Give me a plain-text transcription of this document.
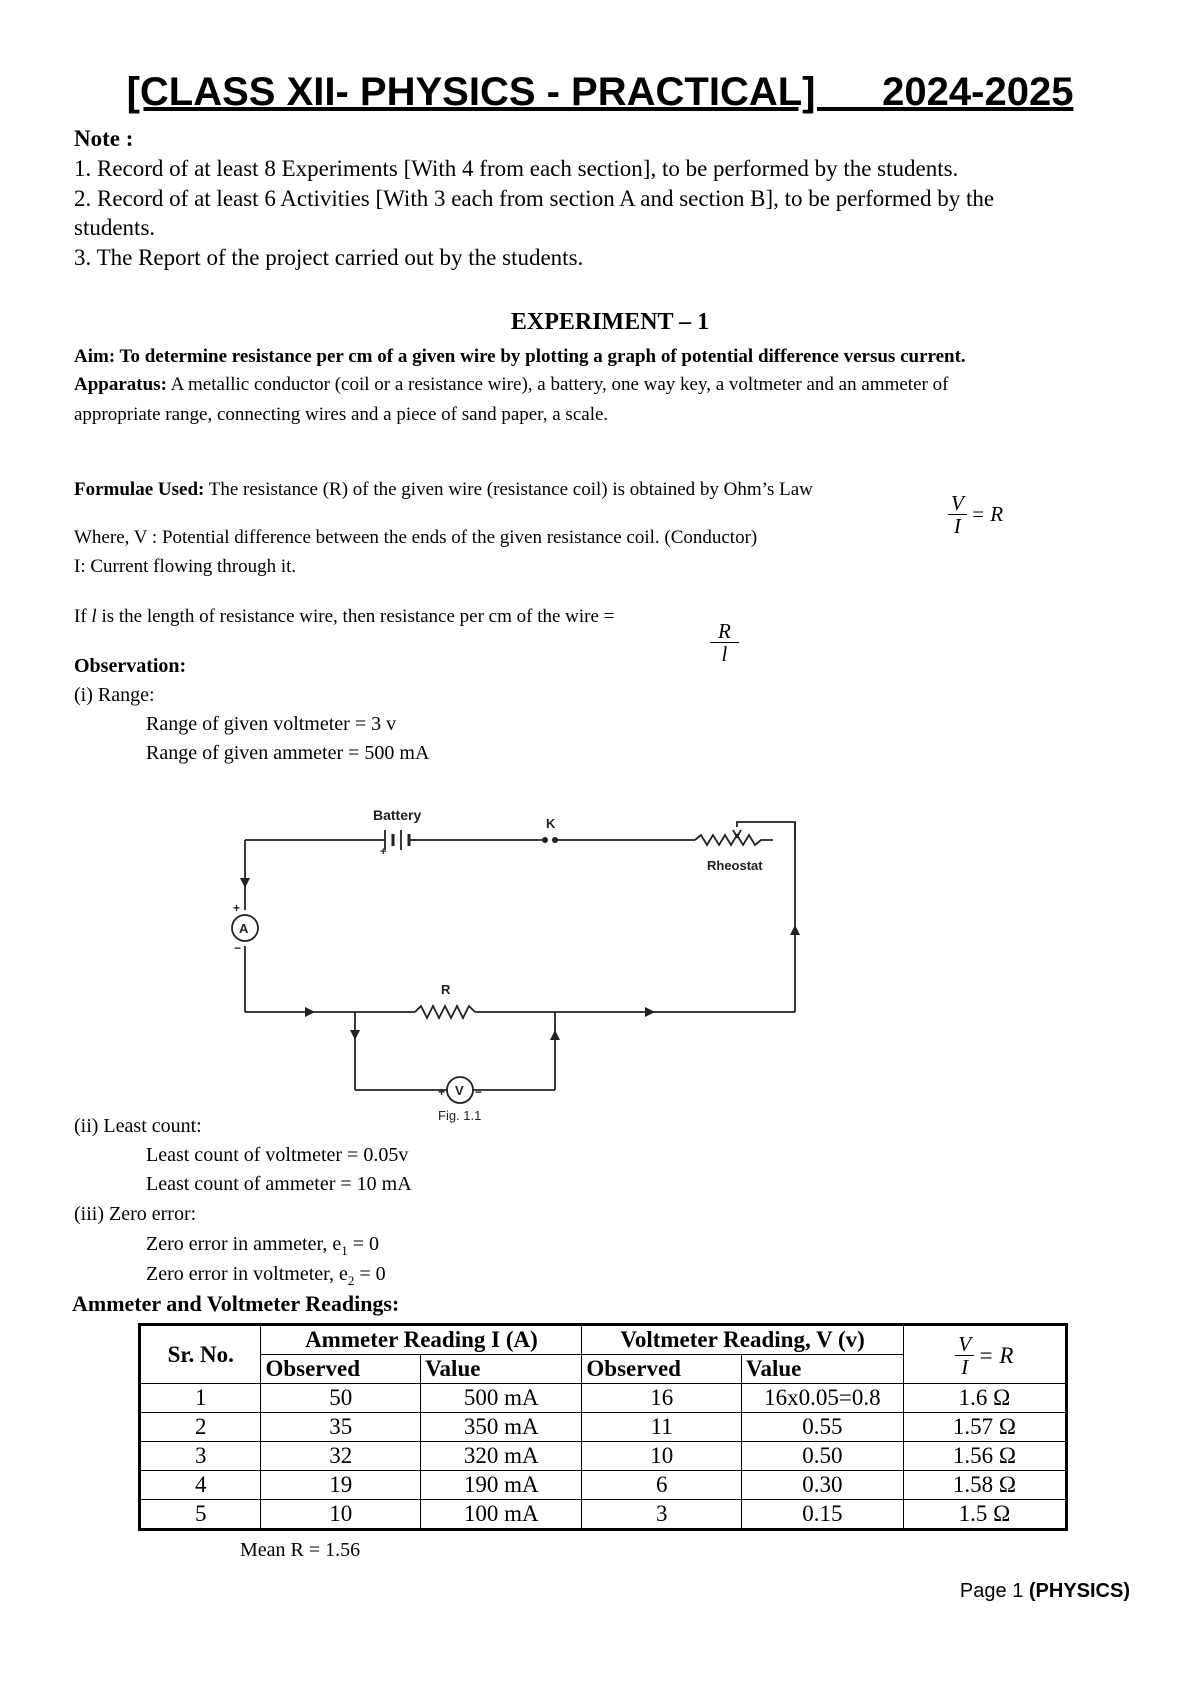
[CLASS XII- PHYSICS - PRACTICAL]      2024-2025
Note :
1. Record of at least 8 Experiments [With 4 from each section], to be performed by the students.
2. Record of at least 6 Activities [With 3 each from section A and section B], to be performed by the
students.
3. The Report of the project carried out by the students.
EXPERIMENT – 1
Aim: To determine resistance per cm of a given wire by plotting a graph of potential difference versus current.
Apparatus: A metallic conductor (coil or a resistance wire), a battery, one way key, a voltmeter and an ammeter of
appropriate range, connecting wires and a piece of sand paper, a scale.
Formulae Used: The resistance (R) of the given wire (resistance coil) is obtained by Ohm’s Law
$\frac{V}{I} = R$
Where, V : Potential difference between the ends of the given resistance coil. (Conductor)
I: Current flowing through it.
If l is the length of resistance wire, then resistance per cm of the wire =
$\frac{R}{l}$
Observation:
(i) Range:
Range of given voltmeter = 3 v
Range of given ammeter = 500 mA
Battery
K
Rheostat
A
R
V
+
−
+
+ −
Fig. 1.1
(ii) Least count:
Least count of voltmeter = 0.05v
Least count of ammeter = 10 mA
(iii) Zero error:
Zero error in ammeter, $e_1 = 0$
Zero error in voltmeter, $e_2 = 0$
Ammeter and Voltmeter Readings:
Sr. No.	Ammeter Reading I (A)		Voltmeter Reading, V (v)		$\frac{V}{I} = R$

	Observed	Value	Observed	Value	
1	50	500 mA	16	16x0.05=0.8	1.6 Ω
2	35	350 mA	11	0.55	1.57 Ω
3	32	320 mA	10	0.50	1.56 Ω
4	19	190 mA	6	0.30	1.58 Ω
5	10	100 mA	3	0.15	1.5 Ω
Mean R = 1.56
Page 1 (PHYSICS)
